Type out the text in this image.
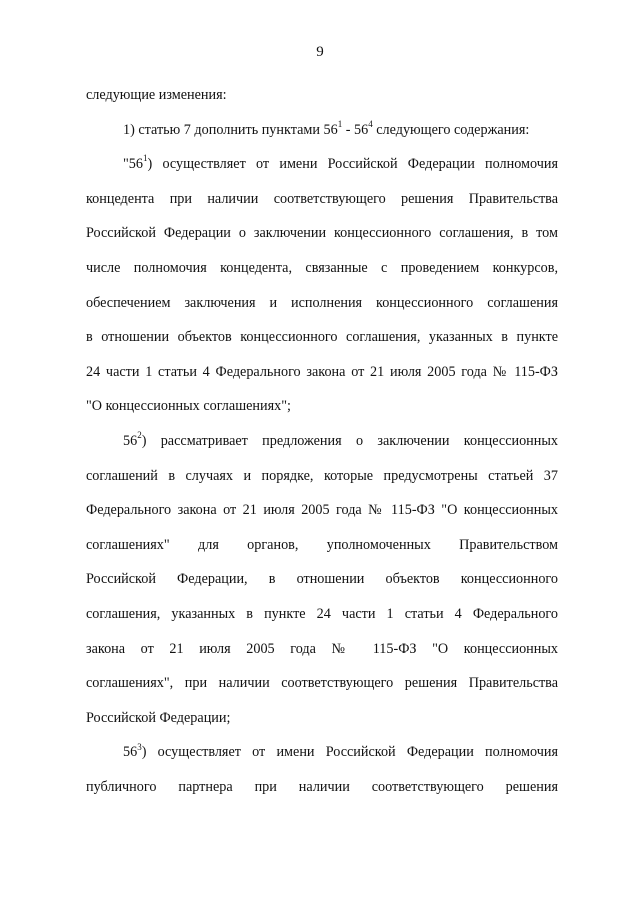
9
следующие изменения:
1) статью 7 дополнить пунктами $56^1 - 56^4$ следующего содержания:
"$56^1$) осуществляет от имени Российской Федерации полномочия
концедента при наличии соответствующего решения Правительства
Российской Федерации о заключении концессионного соглашения, в том
числе полномочия концедента, связанные с проведением конкурсов,
обеспечением заключения и исполнения концессионного соглашения
в отношении объектов концессионного соглашения, указанных в пункте
24 части 1 статьи 4 Федерального закона от 21 июля 2005 года № 115-ФЗ
"О концессионных соглашениях";
$56^2$) рассматривает предложения о заключении концессионных
соглашений в случаях и порядке, которые предусмотрены статьей 37
Федерального закона от 21 июля 2005 года № 115-ФЗ "О концессионных
соглашениях" для органов, уполномоченных Правительством
Российской Федерации, в отношении объектов концессионного
соглашения, указанных в пункте 24 части 1 статьи 4 Федерального
закона от 21 июля 2005 года № 115-ФЗ "О концессионных
соглашениях", при наличии соответствующего решения Правительства
Российской Федерации;
$56^3$) осуществляет от имени Российской Федерации полномочия
публичного партнера при наличии соответствующего решения
